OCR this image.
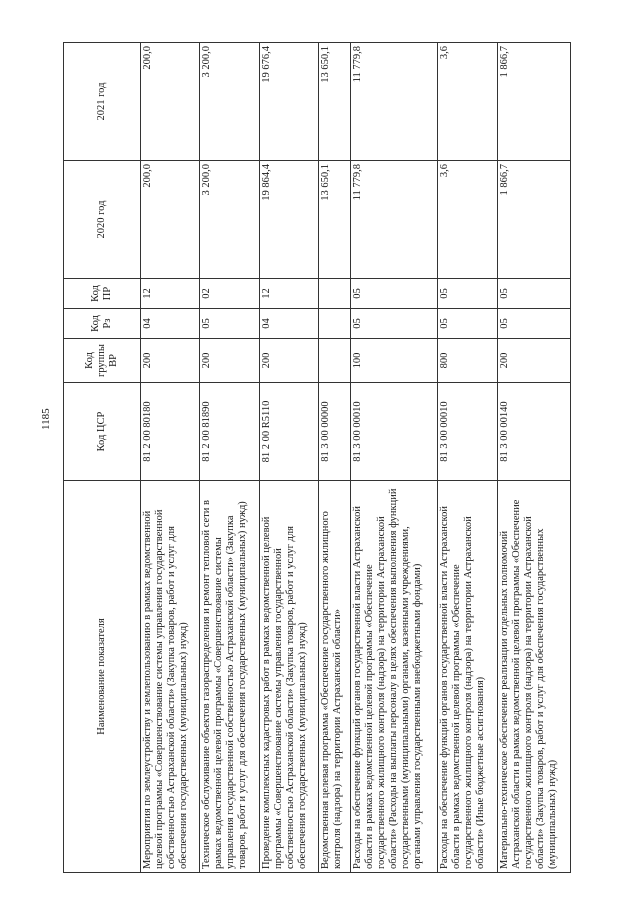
1185
Наименование показателя	Код ЦСР	Код группы ВР	Код Рз	Код ПР	2020 год	2021 год
Мероприятия по землеустройству и землепользованию в рамках ведомственной целевой программы «Совершенствование системы управления государственной собственностью Астраханской области» (Закупка товаров, работ и услуг для обеспечения государственных (муниципальных) нужд)	81 2 00 80180	200	04	12	200,0	200,0
Техническое обслуживание объектов газораспределения и ремонт тепловой сети в рамках ведомственной целевой программы «Совершенствование системы управления государственной собственностью Астраханской области» (Закупка товаров, работ и услуг для обеспечения государственных (муниципальных) нужд)	81 2 00 81890	200	05	02	3 200,0	3 200,0
Проведение комплексных кадастровых работ в рамках ведомственной целевой программы «Совершенствование системы управления государственной собственностью Астраханской области» (Закупка товаров, работ и услуг для обеспечения государственных (муниципальных) нужд)	81 2 00 R5110	200	04	12	19 864,4	19 676,4
Ведомственная целевая программа «Обеспечение государственного жилищного контроля (надзора) на территории Астраханской области»	81 3 00 00000				13 650,1	13 650,1
Расходы на обеспечение функций органов государственной власти Астраханской области в рамках ведомственной целевой программы «Обеспечение государственного жилищного контроля (надзора) на территории Астраханской области» (Расходы на выплаты персоналу в целях обеспечения выполнения функций государственными (муниципальными) органами, казенными учреждениями, органами управления государственными внебюджетными фондами)	81 3 00 00010	100	05	05	11 779,8	11 779,8
Расходы на обеспечение функций органов государственной власти Астраханской области в рамках ведомственной целевой программы «Обеспечение государственного жилищного контроля (надзора) на территории Астраханской области» (Иные бюджетные ассигнования)	81 3 00 00010	800	05	05	3,6	3,6
Материально-техническое обеспечение реализации отдельных полномочий Астраханской области в рамках ведомственной целевой программы «Обеспечение государственного жилищного контроля (надзора) на территории Астраханской области» (Закупка товаров, работ и услуг для обеспечения государственных (муниципальных) нужд)	81 3 00 00140	200	05	05	1 866,7	1 866,7
